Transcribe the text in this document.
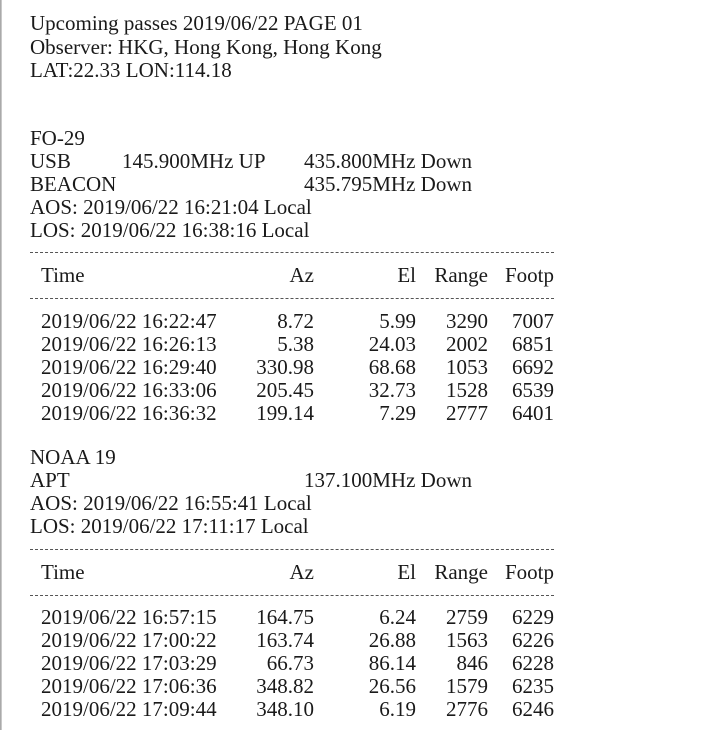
Upcoming passes 2019/06/22 PAGE 01
Observer: HKG, Hong Kong, Hong Kong
LAT:22.33 LON:114.18
FO-29
USB 145.900MHz UP 435.800MHz Down
BEACON	435.795MHz Down
AOS: 2019/06/22 16:21:04 Local
LOS: 2019/06/22 16:38:16 Local
Time	Az	El Range Footp
2019/06/22 16:22:47	8.72	5.99	3290	7007
2019/06/22 16:26:13	5.38	24.03	2002	6851
2019/06/22 16:29:40	330.98	68.68	1053	6692
2019/06/22 16:33:06	205.45	32.73	1528	6539
2019/06/22 16:36:32	199.14	7.29	2777	6401
NOAA 19
APT	137.100MHz Down
AOS: 2019/06/22 16:55:41 Local
LOS: 2019/06/22 17:11:17 Local
Time	Az	El Range Footp
2019/06/22 16:57:15	164.75	6.24	2759	6229
2019/06/22 17:00:22	163.74	26.88	1563	6226
2019/06/22 17:03:29	66.73	86.14	846	6228
2019/06/22 17:06:36	348.82	26.56	1579	6235
2019/06/22 17:09:44	348.10	6.19	2776	6246
